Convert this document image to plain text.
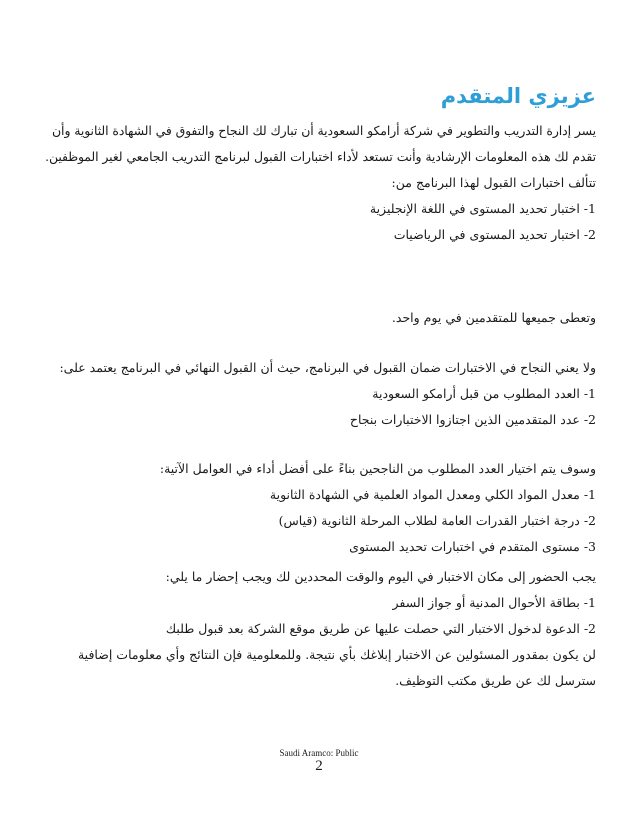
عزيزي المتقدم
يسر إدارة التدريب والتطوير في شركة أرامكو السعودية أن تبارك لك النجاح والتفوق في الشهادة الثانوية وأن
تقدم لك هذه المعلومات الإرشادية وأنت تستعد لأداء اختبارات القبول لبرنامج التدريب الجامعي لغير الموظفين.
تتألف اختبارات القبول لهذا البرنامج من:
1- اختبار تحديد المستوى في اللغة الإنجليزية
2- اختبار تحديد المستوى في الرياضيات
وتعطى جميعها للمتقدمين في يوم واحد.
ولا يعني النجاح في الاختبارات ضمان القبول في البرنامج، حيث أن القبول النهائي في البرنامج يعتمد على:
1- العدد المطلوب من قبل أرامكو السعودية
2- عدد المتقدمين الذين اجتازوا الاختبارات بنجاح
وسوف يتم اختيار العدد المطلوب من الناجحين بناءً على أفضل أداء في العوامل الآتية:
1- معدل المواد الكلي ومعدل المواد العلمية في الشهادة الثانوية
2- درجة اختبار القدرات العامة لطلاب المرحلة الثانوية (قياس)
3- مستوى المتقدم في اختبارات تحديد المستوى
يجب الحضور إلى مكان الاختبار في اليوم والوقت المحددين لك ويجب إحضار ما يلي:
1- بطاقة الأحوال المدنية أو جواز السفر
2- الدعوة لدخول الاختبار التي حصلت عليها عن طريق موقع الشركة بعد قبول طلبك
لن يكون بمقدور المسئولين عن الاختبار إبلاغك بأي نتيجة. وللمعلومية فإن النتائج وأي معلومات إضافية
سترسل لك عن طريق مكتب التوظيف.
Saudi Aramco: Public
2
